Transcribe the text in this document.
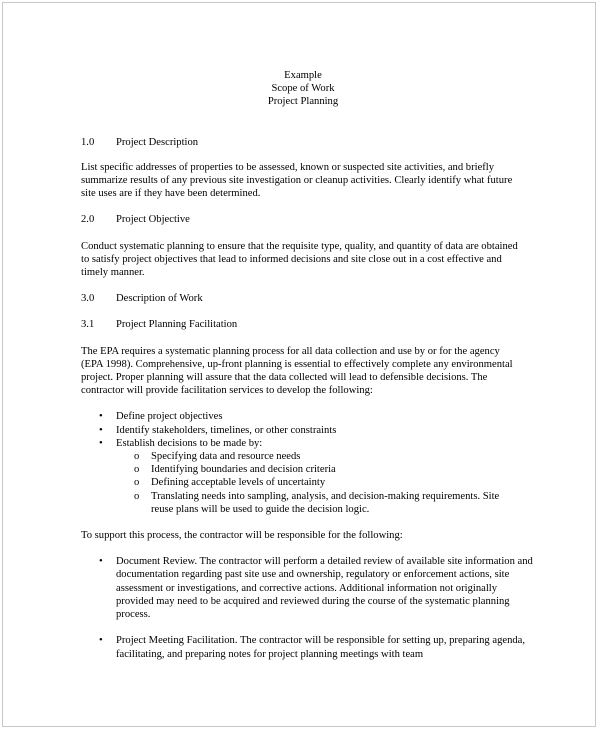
Example
Scope of Work
Project Planning
1.0 Project Description

List specific addresses of properties to be assessed, known or suspected site activities, and briefly summarize results of any previous site investigation or cleanup activities. Clearly identify what future site uses are if they have been determined.

2.0 Project Objective

Conduct systematic planning to ensure that the requisite type, quality, and quantity of data are obtained to satisfy project objectives that lead to informed decisions and site close out in a cost effective and timely manner.

3.0 Description of Work
3.1 Project Planning Facilitation

The EPA requires a systematic planning process for all data collection and use by or for the agency (EPA 1998). Comprehensive, up-front planning is essential to effectively complete any environmental project. Proper planning will assure that the data collected will lead to defensible decisions. The contractor will provide facilitation services to develop the following:

• Define project objectives
• Identify stakeholders, timelines, or other constraints
• Establish decisions to be made by:
o Specifying data and resource needs
o Identifying boundaries and decision criteria
o Defining acceptable levels of uncertainty
o Translating needs into sampling, analysis, and decision-making requirements. Site reuse plans will be used to guide the decision logic.

To support this process, the contractor will be responsible for the following:

• Document Review. The contractor will perform a detailed review of available site information and documentation regarding past site use and ownership, regulatory or enforcement actions, site assessment or investigations, and corrective actions. Additional information not originally provided may need to be acquired and reviewed during the course of the systematic planning process.
• Project Meeting Facilitation. The contractor will be responsible for setting up, preparing agenda, facilitating, and preparing notes for project planning meetings with team
